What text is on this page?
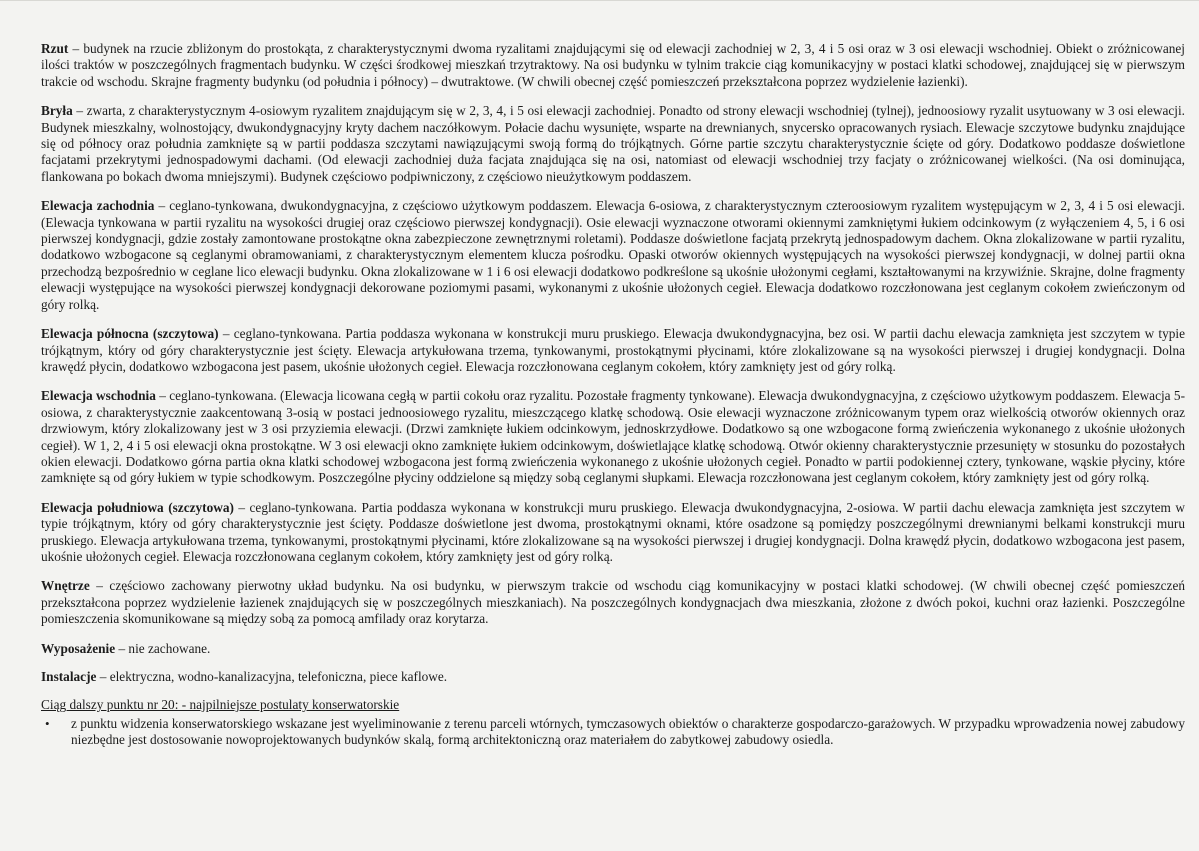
Rzut – budynek na rzucie zbliżonym do prostokąta, z charakterystycznymi dwoma ryzalitami znajdującymi się od elewacji zachodniej w 2, 3, 4 i 5 osi oraz w 3 osi elewacji wschodniej. Obiekt o zróżnicowanej ilości traktów w poszczególnych fragmentach budynku. W części środkowej mieszkań trzytraktowy. Na osi budynku w tylnim trakcie ciąg komunikacyjny w postaci klatki schodowej, znajdującej się w pierwszym trakcie od wschodu. Skrajne fragmenty budynku (od południa i północy) – dwutraktowe. (W chwili obecnej część pomieszczeń przekształcona poprzez wydzielenie łazienki).

Bryła – zwarta, z charakterystycznym 4-osiowym ryzalitem znajdującym się w 2, 3, 4, i 5 osi elewacji zachodniej. Ponadto od strony elewacji wschodniej (tylnej), jednoosiowy ryzalit usytuowany w 3 osi elewacji. Budynek mieszkalny, wolnostojący, dwukondygnacyjny kryty dachem naczółkowym. Połacie dachu wysunięte, wsparte na drewnianych, snycersko opracowanych rysiach. Elewacje szczytowe budynku znajdujące się od północy oraz południa zamknięte są w partii poddasza szczytami nawiązującymi swoją formą do trójkątnych. Górne partie szczytu charakterystycznie ścięte od góry. Dodatkowo poddasze doświetlone facjatami przekrytymi jednospadowymi dachami. (Od elewacji zachodniej duża facjata znajdująca się na osi, natomiast od elewacji wschodniej trzy facjaty o zróżnicowanej wielkości. (Na osi dominująca, flankowana po bokach dwoma mniejszymi). Budynek częściowo podpiwniczony, z częściowo nieużytkowym poddaszem.

Elewacja zachodnia – ceglano-tynkowana, dwukondygnacyjna, z częściowo użytkowym poddaszem. Elewacja 6-osiowa, z charakterystycznym czteroosiowym ryzalitem występującym w 2, 3, 4 i 5 osi elewacji. (Elewacja tynkowana w partii ryzalitu na wysokości drugiej oraz częściowo pierwszej kondygnacji). Osie elewacji wyznaczone otworami okiennymi zamkniętymi łukiem odcinkowym (z wyłączeniem 4, 5, i 6 osi pierwszej kondygnacji, gdzie zostały zamontowane prostokątne okna zabezpieczone zewnętrznymi roletami). Poddasze doświetlone facjatą przekrytą jednospadowym dachem. Okna zlokalizowane w partii ryzalitu, dodatkowo wzbogacone są ceglanymi obramowaniami, z charakterystycznym elementem klucza pośrodku. Opaski otworów okiennych występujących na wysokości pierwszej kondygnacji, w dolnej partii okna przechodzą bezpośrednio w ceglane lico elewacji budynku. Okna zlokalizowane w 1 i 6 osi elewacji dodatkowo podkreślone są ukośnie ułożonymi cegłami, kształtowanymi na krzywiźnie. Skrajne, dolne fragmenty elewacji występujące na wysokości pierwszej kondygnacji dekorowane poziomymi pasami, wykonanymi z ukośnie ułożonych cegieł. Elewacja dodatkowo rozczłonowana jest ceglanym cokołem zwieńczonym od góry rolką.

Elewacja północna (szczytowa) – ceglano-tynkowana. Partia poddasza wykonana w konstrukcji muru pruskiego. Elewacja dwukondygnacyjna, bez osi. W partii dachu elewacja zamknięta jest szczytem w typie trójkątnym, który od góry charakterystycznie jest ścięty. Elewacja artykułowana trzema, tynkowanymi, prostokątnymi płycinami, które zlokalizowane są na wysokości pierwszej i drugiej kondygnacji. Dolna krawędź płycin, dodatkowo wzbogacona jest pasem, ukośnie ułożonych cegieł. Elewacja rozczłonowana ceglanym cokołem, który zamknięty jest od góry rolką.

Elewacja wschodnia – ceglano-tynkowana. (Elewacja licowana cegłą w partii cokołu oraz ryzalitu. Pozostałe fragmenty tynkowane). Elewacja dwukondygnacyjna, z częściowo użytkowym poddaszem. Elewacja 5-osiowa, z charakterystycznie zaakcentowaną 3-osią w postaci jednoosiowego ryzalitu, mieszczącego klatkę schodową. Osie elewacji wyznaczone zróżnicowanym typem oraz wielkością otworów okiennych oraz drzwiowym, który zlokalizowany jest w 3 osi przyziemia elewacji. (Drzwi zamknięte łukiem odcinkowym, jednoskrzydłowe. Dodatkowo są one wzbogacone formą zwieńczenia wykonanego z ukośnie ułożonych cegieł). W 1, 2, 4 i 5 osi elewacji okna prostokątne. W 3 osi elewacji okno zamknięte łukiem odcinkowym, doświetlające klatkę schodową. Otwór okienny charakterystycznie przesunięty w stosunku do pozostałych okien elewacji. Dodatkowo górna partia okna klatki schodowej wzbogacona jest formą zwieńczenia wykonanego z ukośnie ułożonych cegieł. Ponadto w partii podokiennej cztery, tynkowane, wąskie płyciny, które zamknięte są od góry łukiem w typie schodkowym. Poszczególne płyciny oddzielone są między sobą ceglanymi słupkami. Elewacja rozczłonowana jest ceglanym cokołem, który zamknięty jest od góry rolką.

Elewacja południowa (szczytowa) – ceglano-tynkowana. Partia poddasza wykonana w konstrukcji muru pruskiego. Elewacja dwukondygnacyjna, 2-osiowa. W partii dachu elewacja zamknięta jest szczytem w typie trójkątnym, który od góry charakterystycznie jest ścięty. Poddasze doświetlone jest dwoma, prostokątnymi oknami, które osadzone są pomiędzy poszczególnymi drewnianymi belkami konstrukcji muru pruskiego. Elewacja artykułowana trzema, tynkowanymi, prostokątnymi płycinami, które zlokalizowane są na wysokości pierwszej i drugiej kondygnacji. Dolna krawędź płycin, dodatkowo wzbogacona jest pasem, ukośnie ułożonych cegieł. Elewacja rozczłonowana ceglanym cokołem, który zamknięty jest od góry rolką.

Wnętrze – częściowo zachowany pierwotny układ budynku. Na osi budynku, w pierwszym trakcie od wschodu ciąg komunikacyjny w postaci klatki schodowej. (W chwili obecnej część pomieszczeń przekształcona poprzez wydzielenie łazienek znajdujących się w poszczególnych mieszkaniach). Na poszczególnych kondygnacjach dwa mieszkania, złożone z dwóch pokoi, kuchni oraz łazienki. Poszczególne pomieszczenia skomunikowane są między sobą za pomocą amfilady oraz korytarza.

Wyposażenie – nie zachowane.

Instalacje – elektryczna, wodno-kanalizacyjna, telefoniczna, piece kaflowe.

Ciąg dalszy punktu nr 20: - najpilniejsze postulaty konserwatorskie
• z punktu widzenia konserwatorskiego wskazane jest wyeliminowanie z terenu parceli wtórnych, tymczasowych obiektów o charakterze gospodarczo-garażowych. W przypadku wprowadzenia nowej zabudowy niezbędne jest dostosowanie nowoprojektowanych budynków skalą, formą architektoniczną oraz materiałem do zabytkowej zabudowy osiedla.
